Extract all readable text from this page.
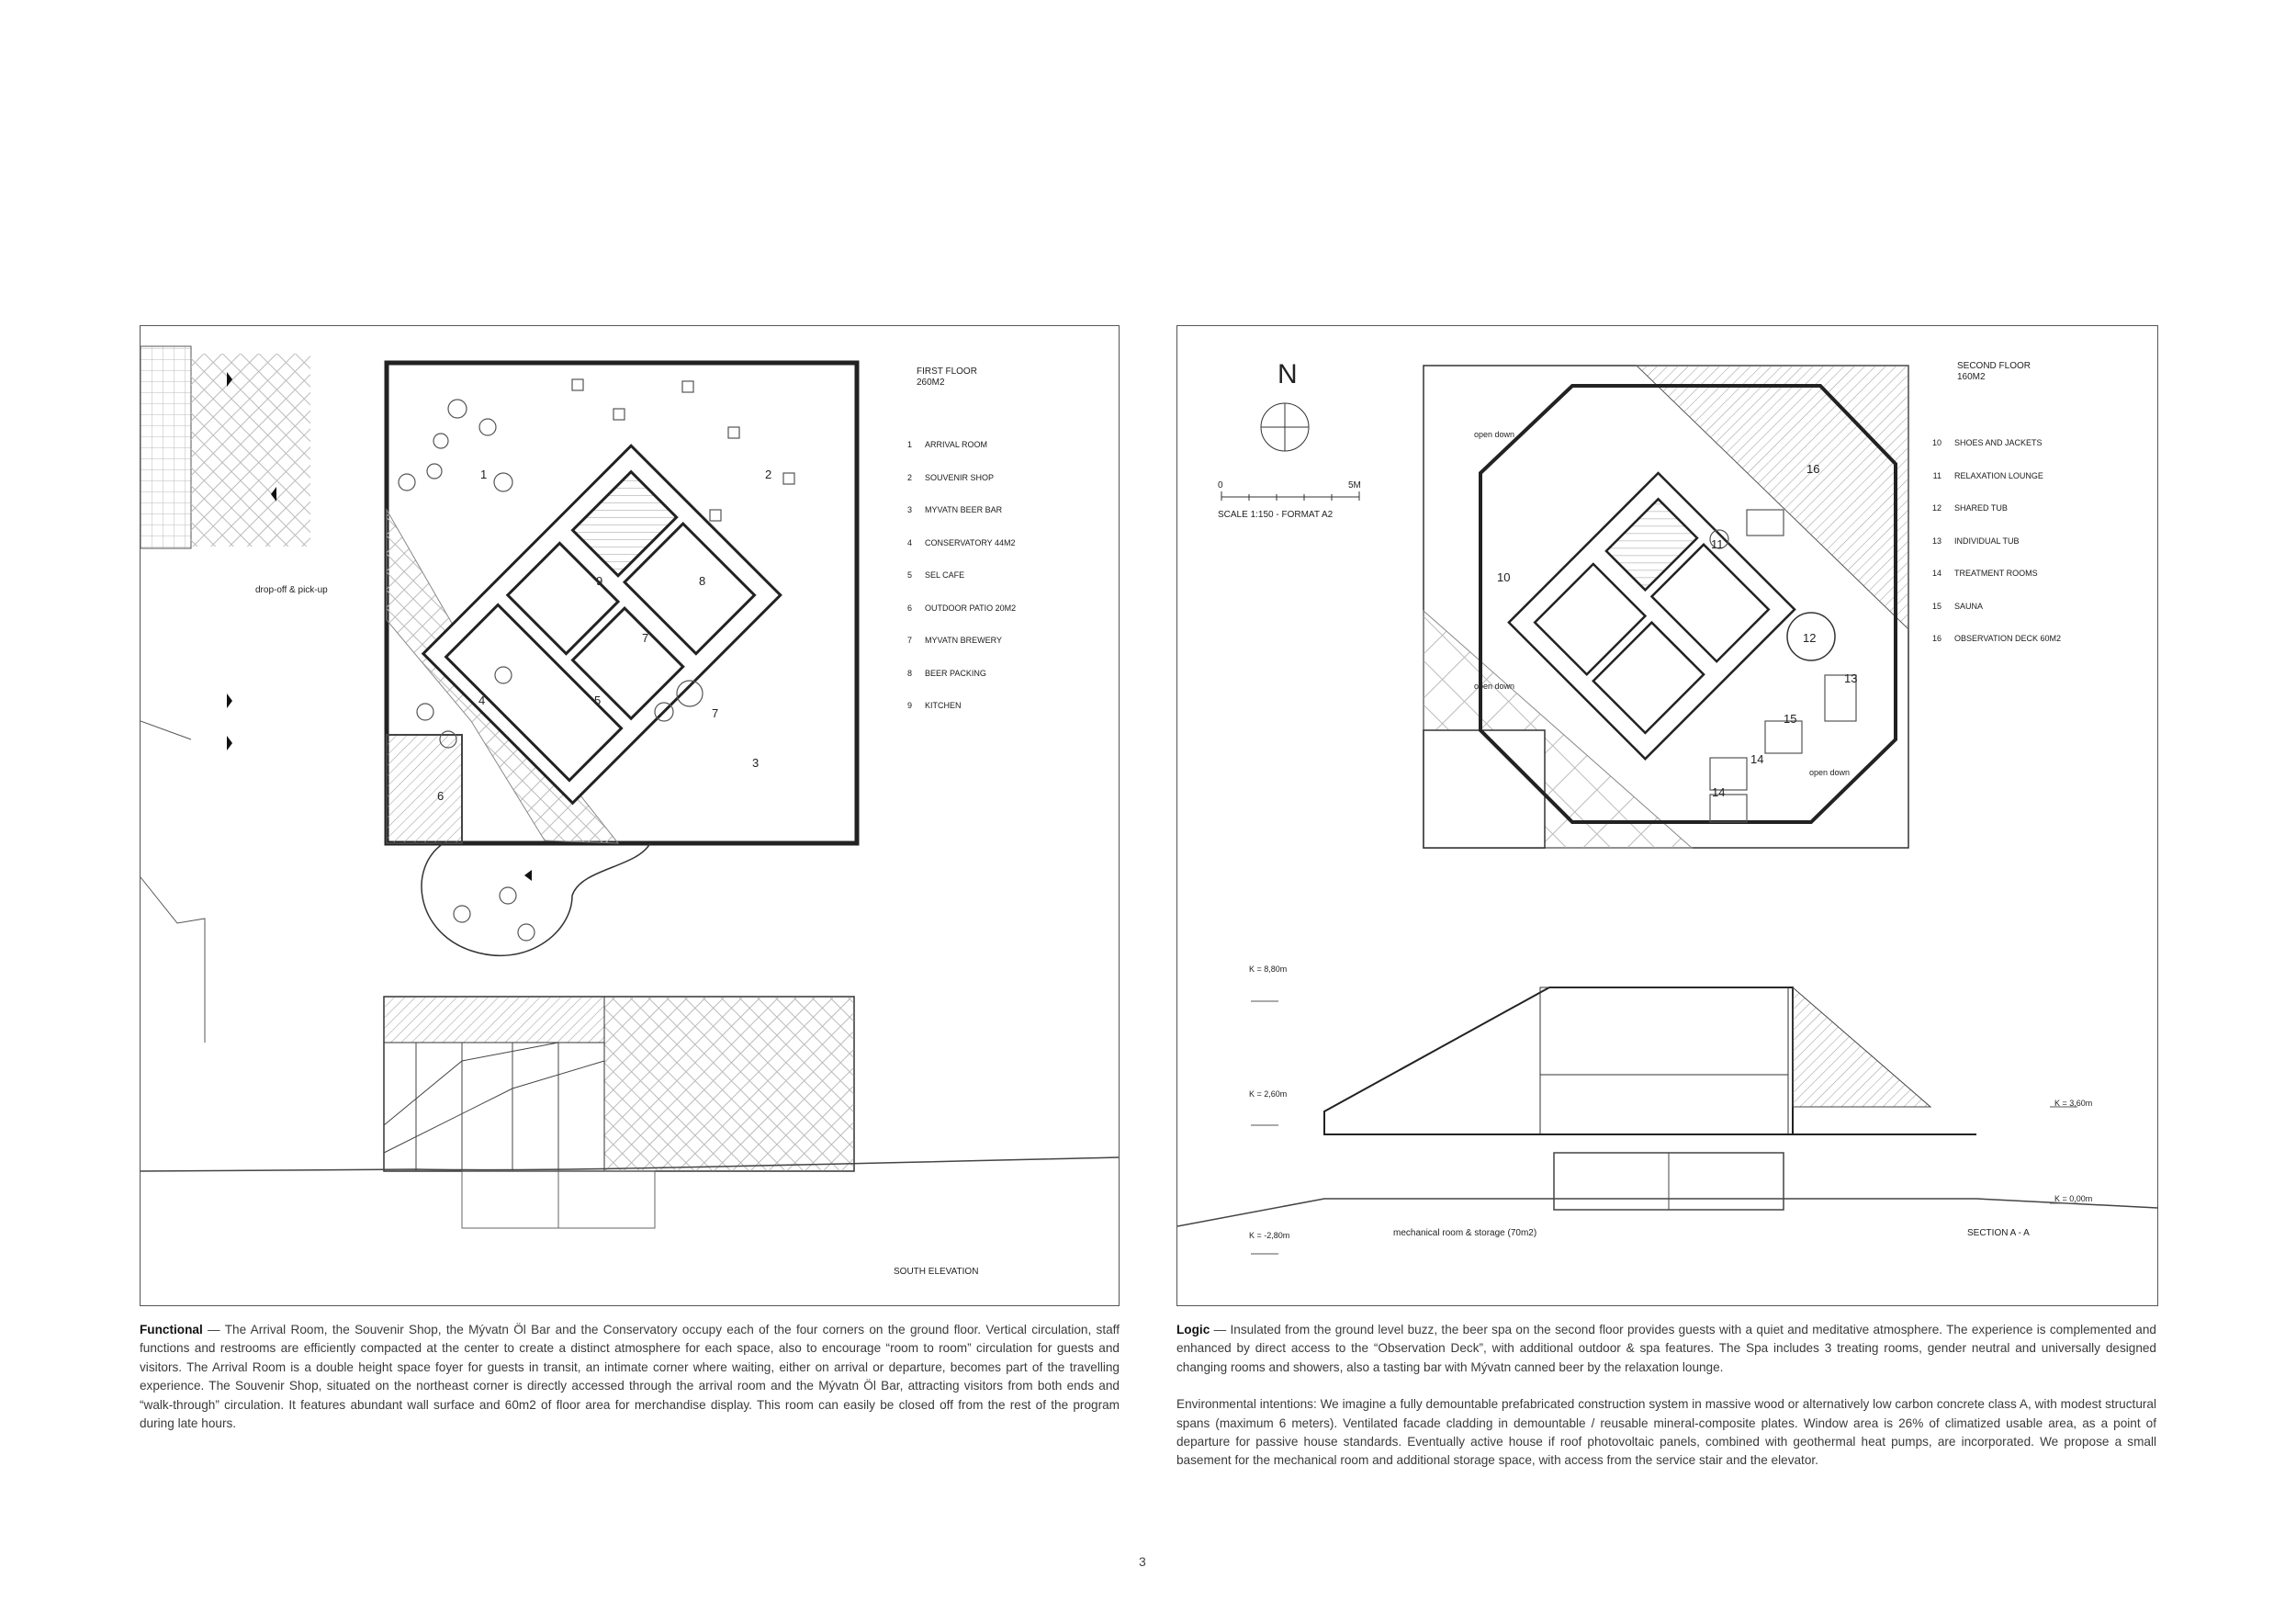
FIRST FLOOR
260M2
1 ARRIVAL ROOM
2 SOUVENIR SHOP
3 MYVATN BEER BAR
4 CONSERVATORY 44M2
5 SEL CAFE
6 OUTDOOR PATIO 20M2
7 MYVATN BREWERY
8 BEER PACKING
9 KITCHEN
drop-off & pick-up
1	2
9	8
7
7
4	5
3
6
SOUTH ELEVATION
N
0	5M
SCALE 1:150 - FORMAT A2
SECOND FLOOR
160M2
10 SHOES AND JACKETS
11 RELAXATION LOUNGE
12 SHARED TUB
13 INDIVIDUAL TUB
14 TREATMENT ROOMS
15 SAUNA
16 OBSERVATION DECK 60M2
open down
open down
open down
16
11
10
12
13
15
14
14
K = 8,80m
K = 2,60m
K = -2,80m
K = 3,60m
K = 0,00m
mechanical room & storage (70m2)	SECTION A - A

Functional — The Arrival Room, the Souvenir Shop, the Mývatn Öl Bar and the Conservatory occupy each of the four corners on the ground floor. Vertical circulation, staff functions and restrooms are efficiently compacted at the center to create a distinct atmosphere for each space, also to encourage “room to room” circulation for guests and visitors. The Arrival Room is a double height space foyer for guests in transit, an intimate corner where waiting, either on arrival or departure, becomes part of the travelling experience. The Souvenir Shop, situated on the northeast corner is directly accessed through the arrival room and the Mývatn Öl Bar, attracting visitors from both ends and “walk-through” circulation. It features abundant wall surface and 60m2 of floor area for merchandise display. This room can easily be closed off from the rest of the program during late hours.

Logic — Insulated from the ground level buzz, the beer spa on the second floor provides guests with a quiet and meditative atmosphere. The experience is complemented and enhanced by direct access to the “Observation Deck”, with additional outdoor & spa features. The Spa includes 3 treating rooms, gender neutral and universally designed changing rooms and showers, also a tasting bar with Mývatn canned beer by the relaxation lounge.

Environmental intentions: We imagine a fully demountable prefabricated construction system in massive wood or alternatively low carbon concrete class A, with modest structural spans (maximum 6 meters). Ventilated facade cladding in demountable / reusable mineral-composite plates. Window area is 26% of climatized usable area, as a point of departure for passive house standards. Eventually active house if roof photovoltaic panels, combined with geothermal heat pumps, are incorporated. We propose a small basement for the mechanical room and additional storage space, with access from the service stair and the elevator.

3
